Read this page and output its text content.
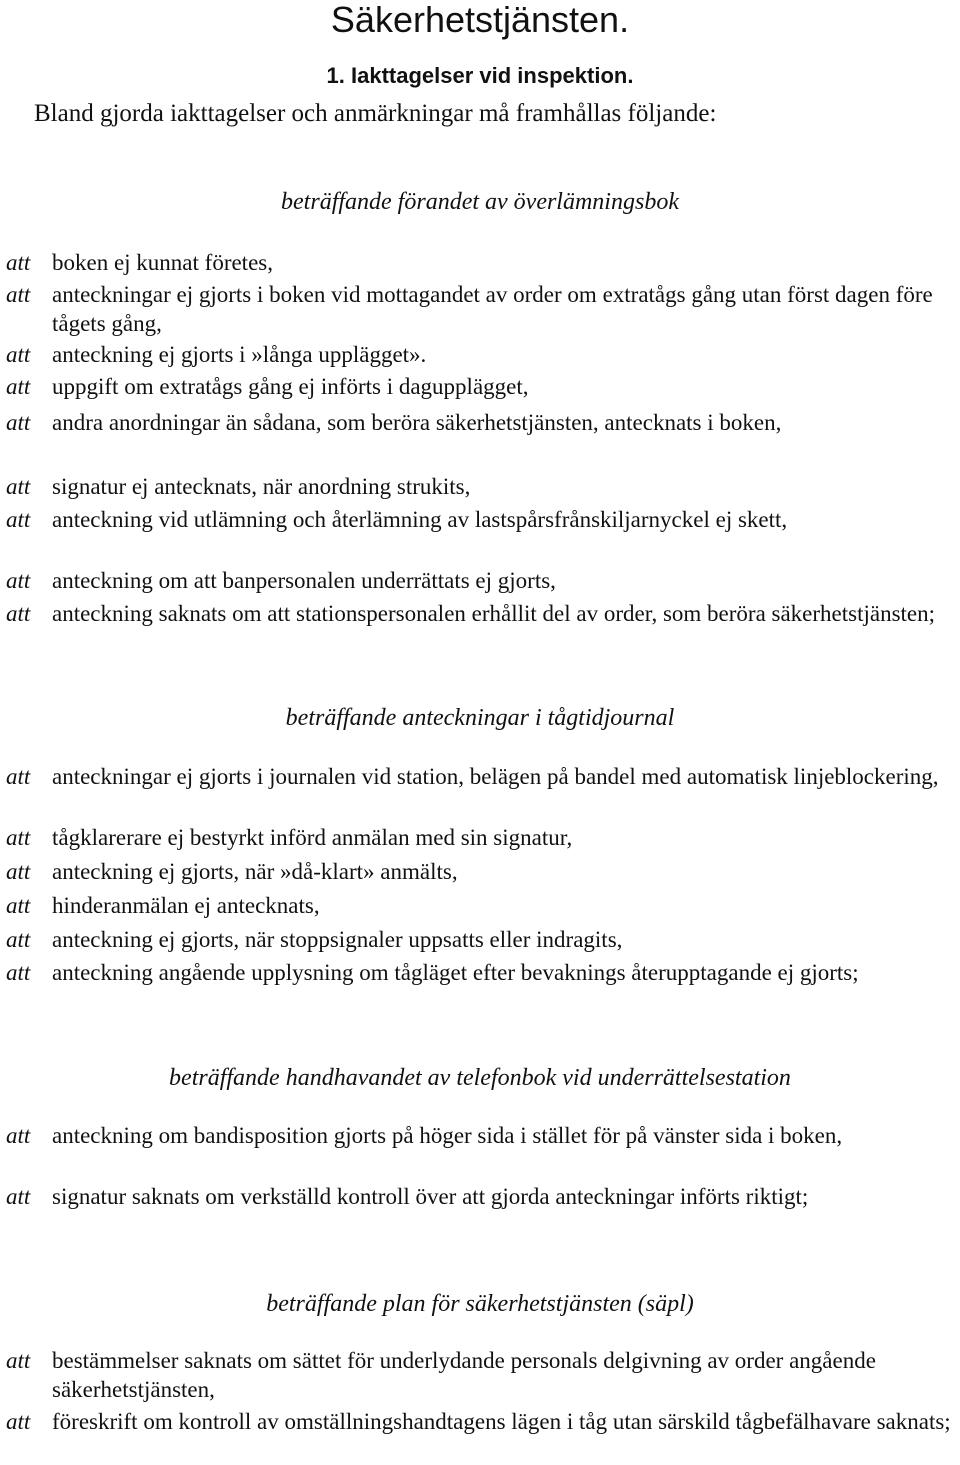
Säkerhetstjänsten.
1. Iakttagelser vid inspektion.
Bland gjorda iakttagelser och anmärkningar må framhållas följande:
beträffande förandet av överlämningsbok
att boken ej kunnat företes,
att anteckningar ej gjorts i boken vid mottagandet av order om extratågs gång utan först dagen före tågets gång,
att anteckning ej gjorts i »långa upplägget».
att uppgift om extratågs gång ej införts i dagupplägget,
att andra anordningar än sådana, som beröra säkerhetstjänsten, antecknats i boken,
att signatur ej antecknats, när anordning strukits,
att anteckning vid utlämning och återlämning av lastspårsfrånskiljarnyckel ej skett,
att anteckning om att banpersonalen underrättats ej gjorts,
att anteckning saknats om att stationspersonalen erhållit del av order, som beröra säkerhetstjänsten;
beträffande anteckningar i tågtidjournal
att anteckningar ej gjorts i journalen vid station, belägen på bandel med automatisk linjeblockering,
att tågklarerare ej bestyrkt införd anmälan med sin signatur,
att anteckning ej gjorts, när »då-klart» anmälts,
att hinderanmälan ej antecknats,
att anteckning ej gjorts, när stoppsignaler uppsatts eller indragits,
att anteckning angående upplysning om tågläget efter bevaknings återupptagande ej gjorts;
beträffande handhavandet av telefonbok vid underrättelsestation
att anteckning om bandisposition gjorts på höger sida i stället för på vänster sida i boken,
att signatur saknats om verkställd kontroll över att gjorda anteckningar införts riktigt;
beträffande plan för säkerhetstjänsten (säpl)
att bestämmelser saknats om sättet för underlydande personals delgivning av order angående säkerhetstjänsten,
att föreskrift om kontroll av omställningshandtagens lägen i tåg utan särskild tågbefälhavare saknats;
